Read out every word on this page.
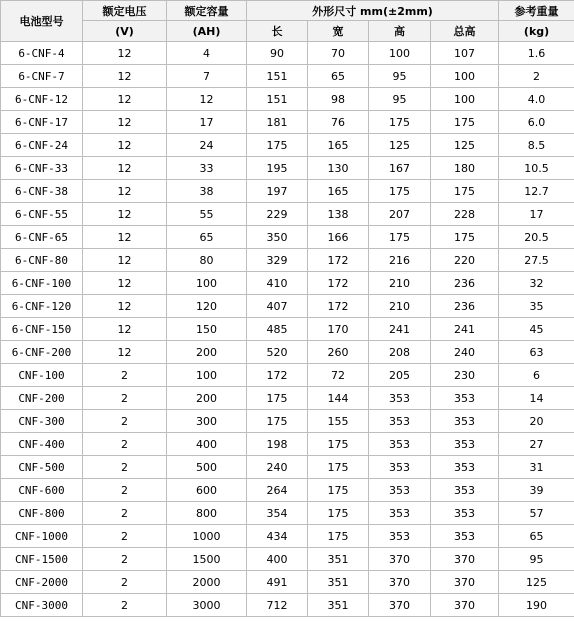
电池型号	额定电压	额定容量	外形尺寸 mm(±2mm)				参考重量
	(V)	(AH)	长	宽	高	总高	(kg)
6-CNF-4	12	4	90	70	100	107	1.6
6-CNF-7	12	7	151	65	95	100	2
6-CNF-12	12	12	151	98	95	100	4.0
6-CNF-17	12	17	181	76	175	175	6.0
6-CNF-24	12	24	175	165	125	125	8.5
6-CNF-33	12	33	195	130	167	180	10.5
6-CNF-38	12	38	197	165	175	175	12.7
6-CNF-55	12	55	229	138	207	228	17
6-CNF-65	12	65	350	166	175	175	20.5
6-CNF-80	12	80	329	172	216	220	27.5
6-CNF-100	12	100	410	172	210	236	32
6-CNF-120	12	120	407	172	210	236	35
6-CNF-150	12	150	485	170	241	241	45
6-CNF-200	12	200	520	260	208	240	63
CNF-100	2	100	172	72	205	230	6
CNF-200	2	200	175	144	353	353	14
CNF-300	2	300	175	155	353	353	20
CNF-400	2	400	198	175	353	353	27
CNF-500	2	500	240	175	353	353	31
CNF-600	2	600	264	175	353	353	39
CNF-800	2	800	354	175	353	353	57
CNF-1000	2	1000	434	175	353	353	65
CNF-1500	2	1500	400	351	370	370	95
CNF-2000	2	2000	491	351	370	370	125
CNF-3000	2	3000	712	351	370	370	190
